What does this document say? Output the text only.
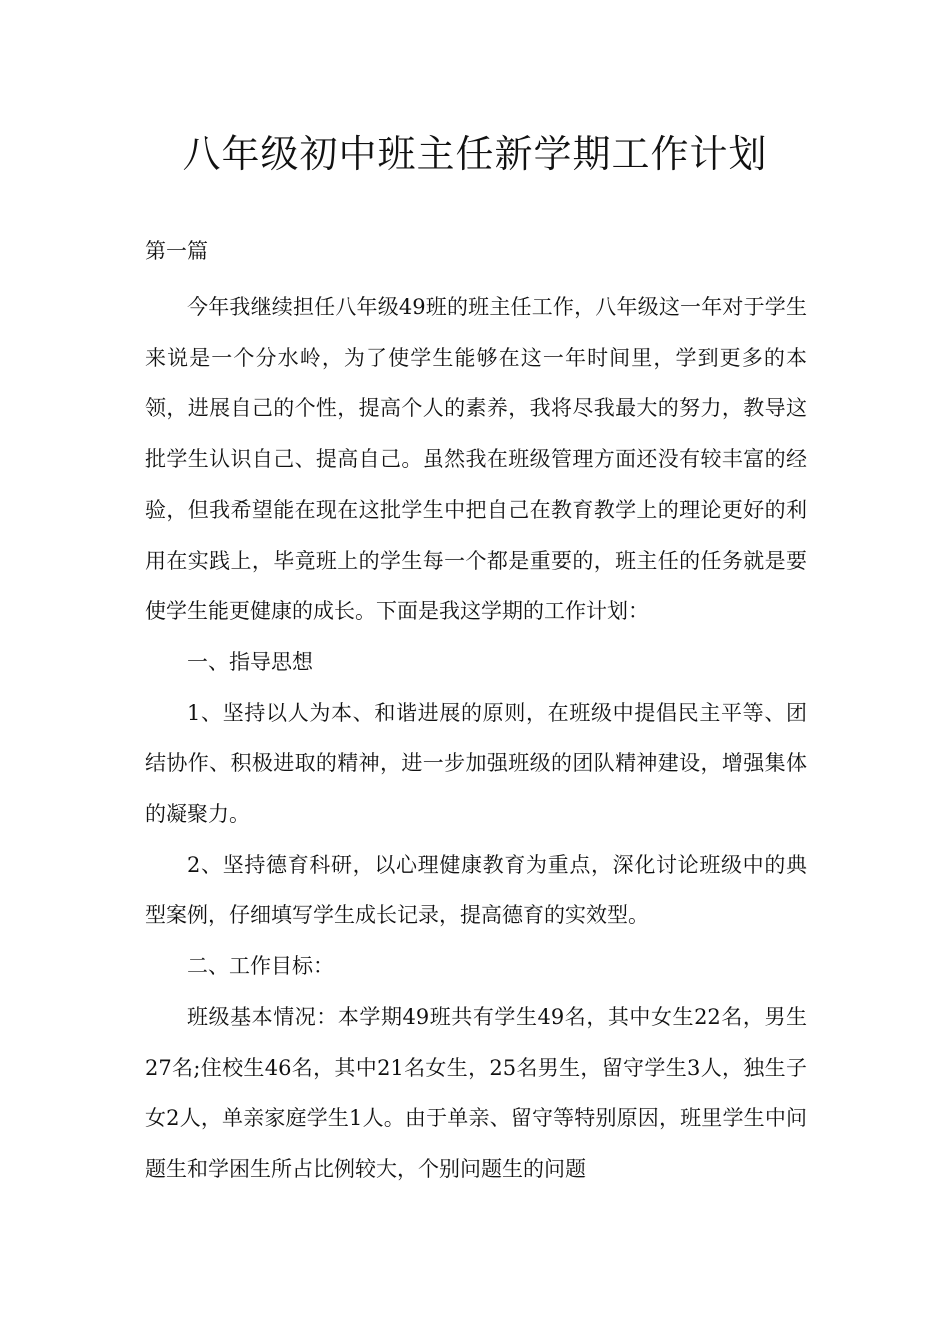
八年级初中班主任新学期工作计划
第一篇

今年我继续担任八年级49班的班主任工作，八年级这一年对于学生来说是一个分水岭，为了使学生能够在这一年时间里，学到更多的本领，进展自己的个性，提高个人的素养，我将尽我最大的努力，教导这批学生认识自己、提高自己。虽然我在班级管理方面还没有较丰富的经验，但我希望能在现在这批学生中把自己在教育教学上的理论更好的利用在实践上，毕竟班上的学生每一个都是重要的，班主任的任务就是要使学生能更健康的成长。下面是我这学期的工作计划：

一、指导思想

1、坚持以人为本、和谐进展的原则，在班级中提倡民主平等、团结协作、积极进取的精神，进一步加强班级的团队精神建设，增强集体的凝聚力。

2、坚持德育科研，以心理健康教育为重点，深化讨论班级中的典型案例，仔细填写学生成长记录，提高德育的实效型。

二、工作目标：

班级基本情况：本学期49班共有学生49名，其中女生22名，男生27名;住校生46名，其中21名女生，25名男生，留守学生3人，独生子女2人，单亲家庭学生1人。由于单亲、留守等特别原因，班里学生中问题生和学困生所占比例较大，个别问题生的问题
